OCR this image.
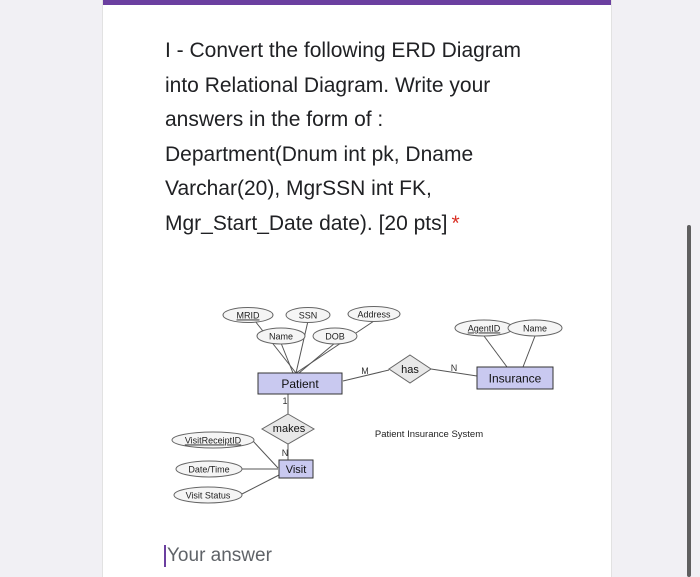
I - Convert the following ERD Diagram
into Relational Diagram. Write your
answers in the form of :
Department(Dnum int pk, Dname
Varchar(20), MgrSSN int FK,
Mgr_Start_Date date). [20 pts] *

MRID	SSN	Address
Name	DOB
AgentID	Name
VisitReceiptID
Date/Time
Visit Status
Patient	Insurance
Visit
has
makes
M	N
1
N
Patient Insurance System
Your answer
